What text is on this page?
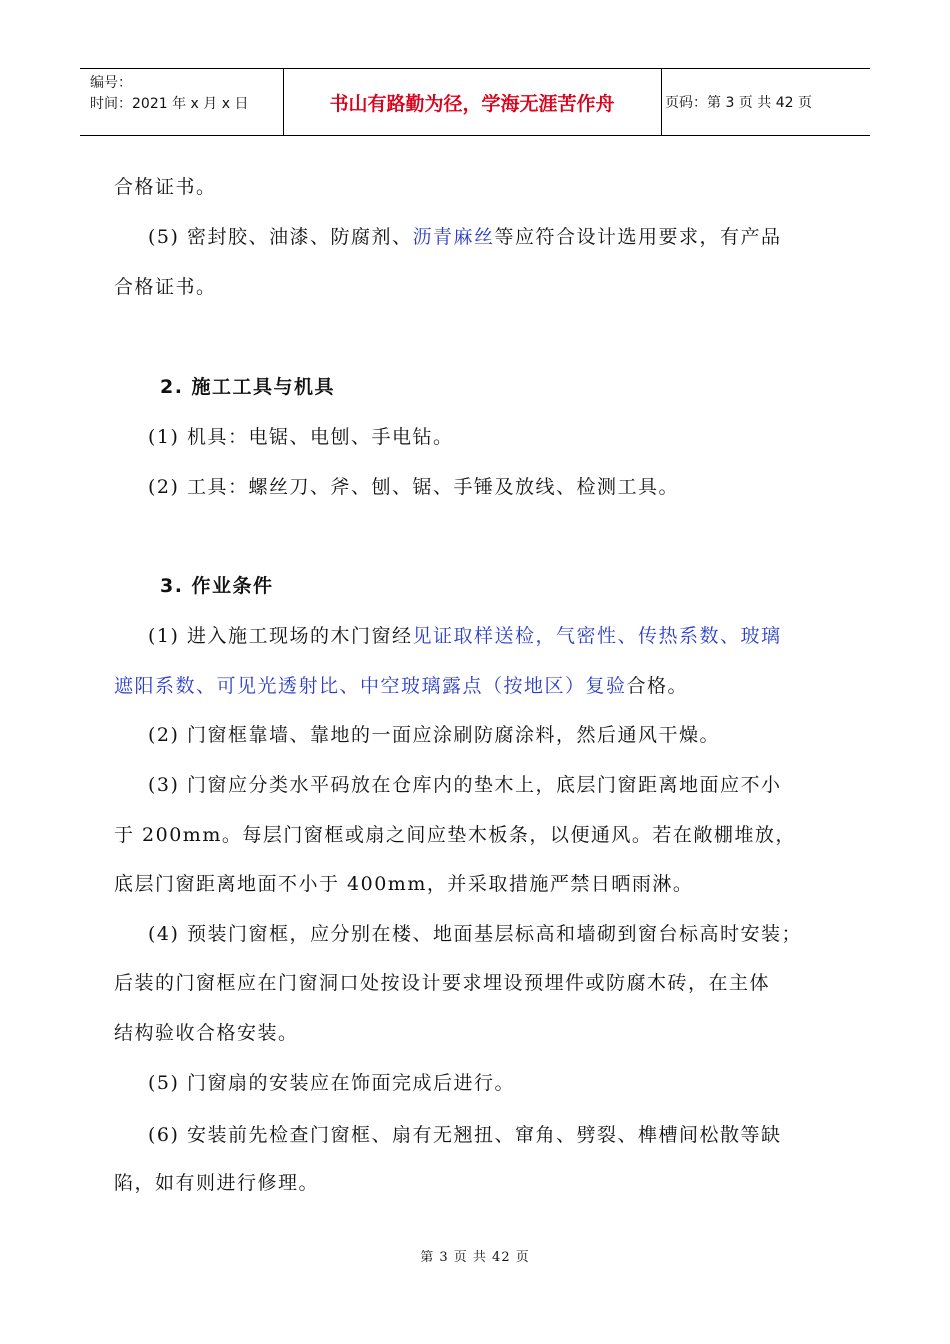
编号：
时间：2021 年 x 月 x 日	书山有路勤为径，学海无涯苦作舟	页码：第 3 页 共 42 页
合格证书。
(5) 密封胶、油漆、防腐剂、沥青麻丝等应符合设计选用要求，有产品
合格证书。
2. 施工工具与机具
(1) 机具：电锯、电刨、手电钻。
(2) 工具：螺丝刀、斧、刨、锯、手锤及放线、检测工具。
3. 作业条件
(1) 进入施工现场的木门窗经见证取样送检，气密性、传热系数、玻璃
遮阳系数、可见光透射比、中空玻璃露点（按地区）复验合格。
(2) 门窗框靠墙、靠地的一面应涂刷防腐涂料，然后通风干燥。
(3) 门窗应分类水平码放在仓库内的垫木上，底层门窗距离地面应不小
于 200mm。每层门窗框或扇之间应垫木板条，以便通风。若在敞棚堆放，
底层门窗距离地面不小于 400mm，并采取措施严禁日晒雨淋。
(4) 预装门窗框，应分别在楼、地面基层标高和墙砌到窗台标高时安装；
后装的门窗框应在门窗洞口处按设计要求埋设预埋件或防腐木砖，在主体
结构验收合格安装。
(5) 门窗扇的安装应在饰面完成后进行。
(6) 安装前先检查门窗框、扇有无翘扭、窜角、劈裂、榫槽间松散等缺
陷，如有则进行修理。
第 3 页 共 42 页
